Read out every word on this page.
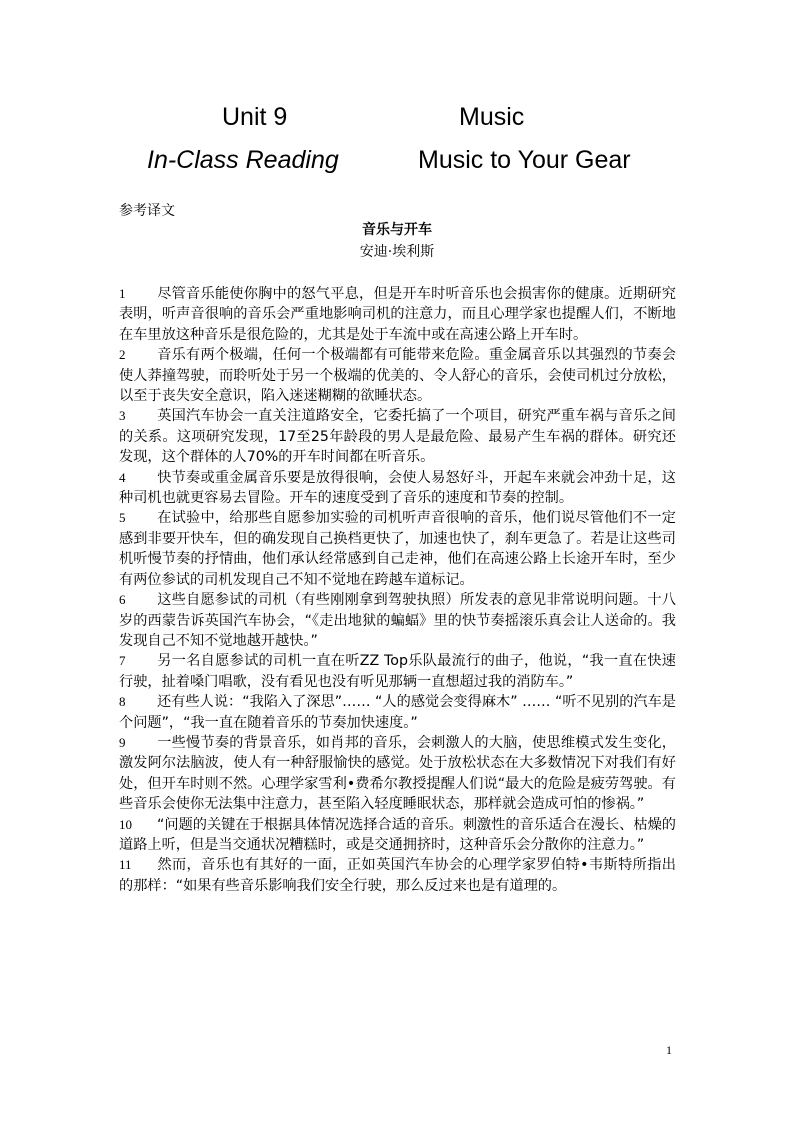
Unit 9	Music
In-Class Reading	Music to Your Gear
参考译文
音乐与开车
安迪·埃利斯

1 尽管音乐能使你胸中的怒气平息，但是开车时听音乐也会损害你的健康。近期研究表明，听声音很响的音乐会严重地影响司机的注意力，而且心理学家也提醒人们，不断地在车里放这种音乐是很危险的，尤其是处于车流中或在高速公路上开车时。

2 音乐有两个极端，任何一个极端都有可能带来危险。重金属音乐以其强烈的节奏会使人莽撞驾驶，而聆听处于另一个极端的优美的、令人舒心的音乐，会使司机过分放松，以至于丧失安全意识，陷入迷迷糊糊的欲睡状态。

3 英国汽车协会一直关注道路安全，它委托搞了一个项目，研究严重车祸与音乐之间的关系。这项研究发现，17至25年龄段的男人是最危险、最易产生车祸的群体。研究还发现，这个群体的人70%的开车时间都在听音乐。

4 快节奏或重金属音乐要是放得很响，会使人易怒好斗，开起车来就会冲劲十足，这种司机也就更容易去冒险。开车的速度受到了音乐的速度和节奏的控制。

5 在试验中，给那些自愿参加实验的司机听声音很响的音乐，他们说尽管他们不一定感到非要开快车，但的确发现自己换档更快了，加速也快了，刹车更急了。若是让这些司机听慢节奏的抒情曲，他们承认经常感到自己走神，他们在高速公路上长途开车时，至少有两位参试的司机发现自己不知不觉地在跨越车道标记。

6 这些自愿参试的司机（有些刚刚拿到驾驶执照）所发表的意见非常说明问题。十八岁的西蒙告诉英国汽车协会，“《走出地狱的蝙蝠》里的快节奏摇滚乐真会让人送命的。我发现自己不知不觉地越开越快。”

7 另一名自愿参试的司机一直在听ZZ Top乐队最流行的曲子，他说，“我一直在快速行驶，扯着嗓门唱歌，没有看见也没有听见那辆一直想超过我的消防车。”

8 还有些人说：“我陷入了深思”…… “人的感觉会变得麻木” …… “听不见别的汽车是个问题”，“我一直在随着音乐的节奏加快速度。”

9 一些慢节奏的背景音乐，如肖邦的音乐，会刺激人的大脑，使思维模式发生变化，激发阿尔法脑波，使人有一种舒服愉快的感觉。处于放松状态在大多数情况下对我们有好处，但开车时则不然。心理学家雪利•费希尔教授提醒人们说“最大的危险是疲劳驾驶。有些音乐会使你无法集中注意力，甚至陷入轻度睡眠状态，那样就会造成可怕的惨祸。”

10 “问题的关键在于根据具体情况选择合适的音乐。刺激性的音乐适合在漫长、枯燥的道路上听，但是当交通状况糟糕时，或是交通拥挤时，这种音乐会分散你的注意力。”

11 然而，音乐也有其好的一面，正如英国汽车协会的心理学家罗伯特•韦斯特所指出的那样：“如果有些音乐影响我们安全行驶，那么反过来也是有道理的。

1
